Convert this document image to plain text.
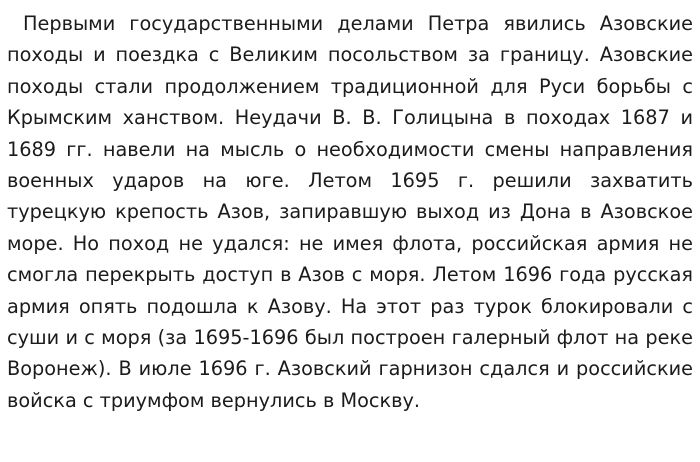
Первыми государственными делами Петра явились Азовские походы и поездка с Великим посольством за границу. Азовские походы стали продолжением традиционной для Руси борьбы с Крымским ханством. Неудачи В. В. Голицына в походах 1687 и 1689 гг. навели на мысль о необходимости смены направления военных ударов на юге. Летом 1695 г. решили захватить турецкую крепость Азов, запиравшую выход из Дона в Азовское море. Но поход не удался: не имея флота, российская армия не смогла перекрыть доступ в Азов с моря. Летом 1696 года русская армия опять подошла к Азову. На этот раз турок блокировали с суши и с моря (за 1695-1696 был построен галерный флот на реке Воронеж). В июле 1696 г. Азовский гарнизон сдался и российские войска с триумфом вернулись в Москву.
